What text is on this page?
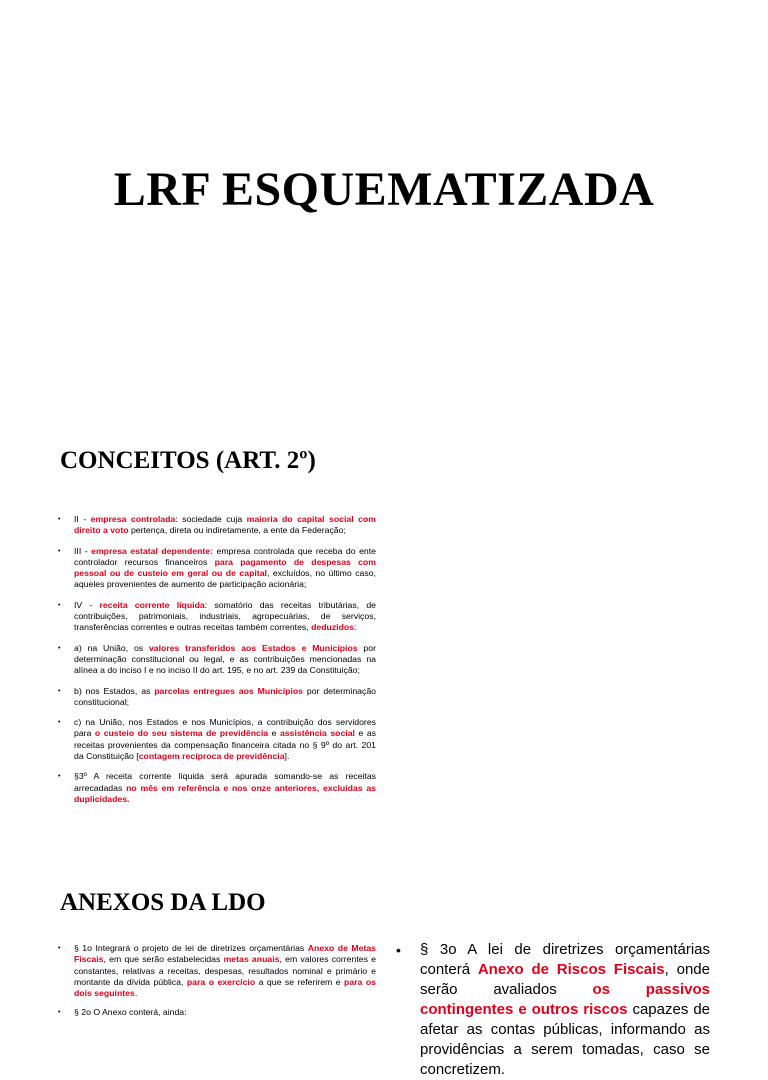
LRF ESQUEMATIZADA
CONCEITOS (ART. 2º)
• II - empresa controlada: sociedade cuja maioria do capital social com direito a voto pertença, direta ou indiretamente, a ente da Federação;
• III - empresa estatal dependente: empresa controlada que receba do ente controlador recursos financeiros para pagamento de despesas com pessoal ou de custeio em geral ou de capital, excluídos, no último caso, aqueles provenientes de aumento de participação acionária;
• IV - receita corrente líquida: somatório das receitas tributárias, de contribuições, patrimoniais, industriais, agropecuárias, de serviços, transferências correntes e outras receitas também correntes, deduzidos:
• a) na União, os valores transferidos aos Estados e Municípios por determinação constitucional ou legal, e as contribuições mencionadas na alínea a do inciso I e no inciso II do art. 195, e no art. 239 da Constituição;
• b) nos Estados, as parcelas entregues aos Municípios por determinação constitucional;
• c) na União, nos Estados e nos Municípios, a contribuição dos servidores para o custeio do seu sistema de previdência e assistência social e as receitas provenientes da compensação financeira citada no § 9º do art. 201 da Constituição [contagem recíproca de previdência].
• §3º A receita corrente líquida será apurada somando-se as receitas arrecadadas no mês em referência e nos onze anteriores, excluídas as duplicidades.
ANEXOS DA LDO
• § 1o Integrará o projeto de lei de diretrizes orçamentárias Anexo de Metas Fiscais, em que serão estabelecidas metas anuais, em valores correntes e constantes, relativas a receitas, despesas, resultados nominal e primário e montante da dívida pública, para o exercício a que se referirem e para os dois seguintes.
• § 2o O Anexo conterá, ainda:
• § 3o A lei de diretrizes orçamentárias conterá Anexo de Riscos Fiscais, onde serão avaliados os passivos contingentes e outros riscos capazes de afetar as contas públicas, informando as providências a serem tomadas, caso se concretizem.
